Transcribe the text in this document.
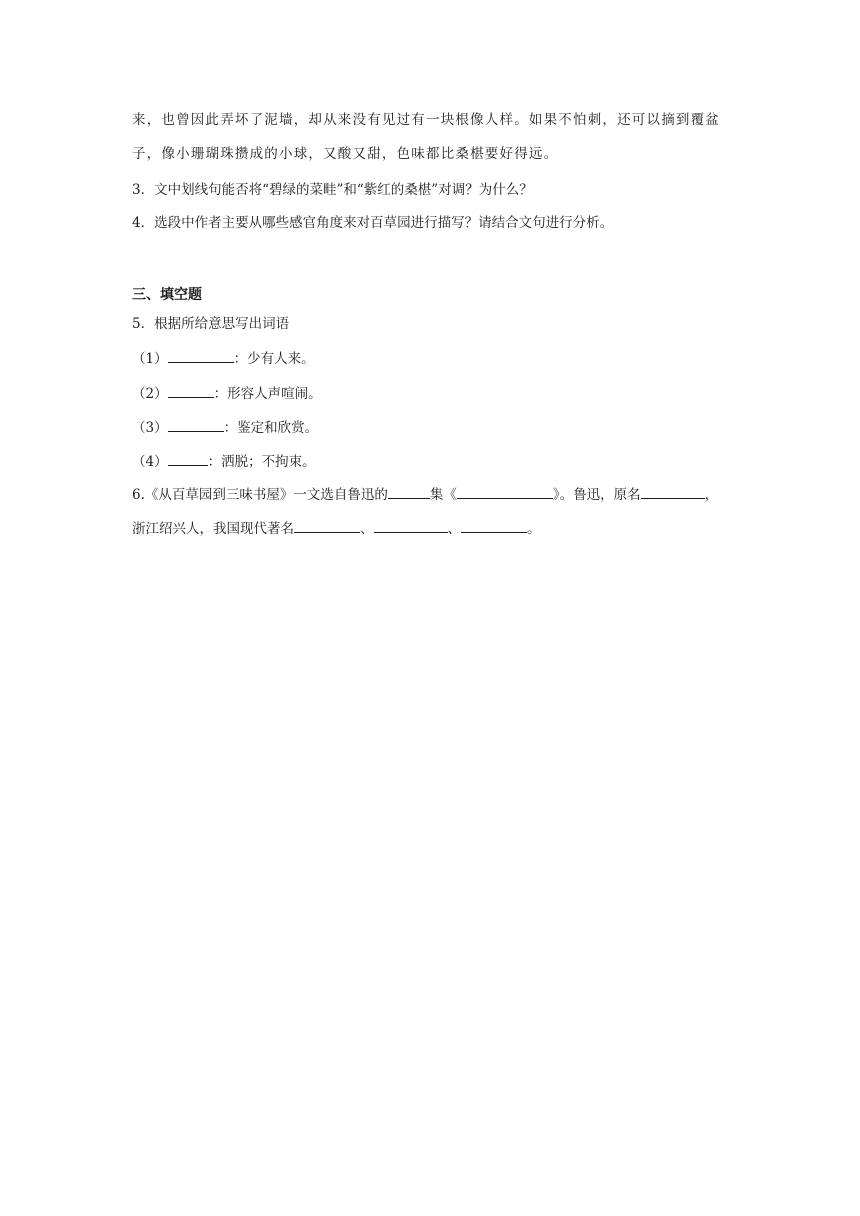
来，也曾因此弄坏了泥墙，却从来没有见过有一块根像人样。如果不怕刺，还可以摘到覆盆
子，像小珊瑚珠攒成的小球，又酸又甜，色味都比桑椹要好得远。
3．文中划线句能否将“碧绿的菜畦”和“紫红的桑椹”对调？为什么？
4．选段中作者主要从哪些感官角度来对百草园进行描写？请结合文句进行分析。
三、填空题
5．根据所给意思写出词语
（1）	：少有人来。
（2）	：形容人声喧闹。
（3）	：鉴定和欣赏。
（4）	：洒脱；不拘束。
6.《从百草园到三味书屋》一文选自鲁迅的	集《	》。鲁迅，原名	，
浙江绍兴人，我国现代著名	、	、	。
